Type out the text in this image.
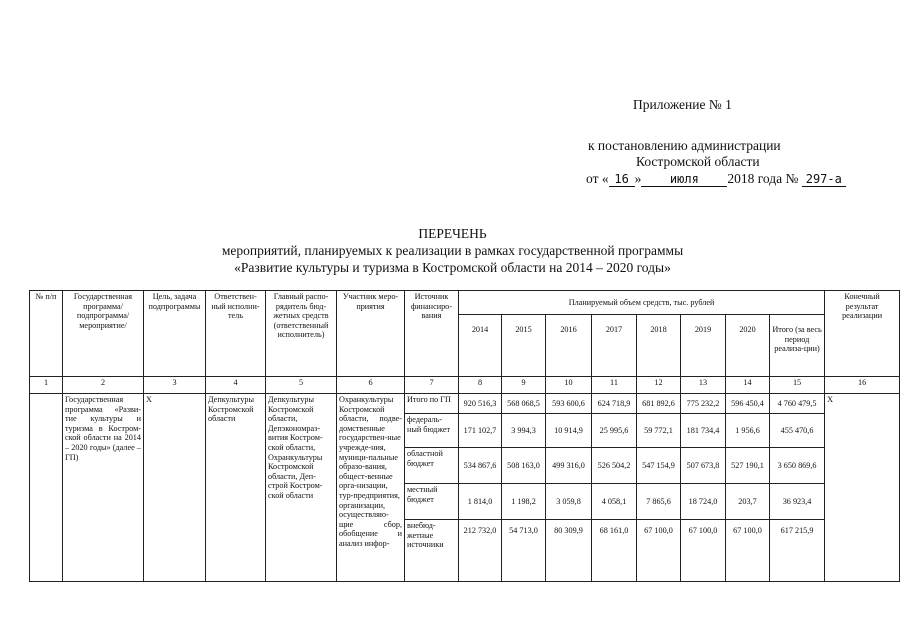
Приложение № 1
к постановлению администрации
Костромской области
от « 16 » июля 2018 года № 297-а
ПЕРЕЧЕНЬ
мероприятий, планируемых к реализации в рамках государственной программы
«Развитие культуры и туризма в Костромской области на 2014 – 2020 годы»
№ п/п	Государственная программа/ подпрограмма/ мероприятие/	Цель, задача подпрограммы	Ответствен-ный исполни-тель	Главный распо-рядитель бюд-жетных средств (ответственный исполнитель)	Участник меро-приятия	Источник финансиро-вания	Планируемый объем средств, тыс. рублей								Конечный результат реализации
							2014	2015	2016	2017	2018	2019	2020	Итого (за весь период реализа-ции)	
1	2	3	4	5	6	7	8	9	10	11	12	13	14	15	16
	Государственная программа «Разви-тие культуры и туризма в Костром-ской области на 2014 – 2020 годы» (далее – ГП)	X	Депкультуры Костромской области	Депкультуры Костромской области, Депэкономраз-вития Костром-ской области, Охранкультуры Костромской области, Деп-строй Костром-ской области	Охранкультуры Костромской области, подве-домственные государствен-ные учрежде-ния, муници-пальные образо-вания, общест-венные орга-низации, тур-предприятия, организации, осуществляю-щие сбор, обобщение и анализ инфор-	Итого по ГП	920 516,3	568 068,5	593 600,6	624 718,9	681 892,6	775 232,2	596 450,4	4 760 479,5	X
						федераль-ный бюджет	171 102,7	3 994,3	10 914,9	25 995,6	59 772,1	181 734,4	1 956,6	455 470,6	
						областной бюджет	534 867,6	508 163,0	499 316,0	526 504,2	547 154,9	507 673,8	527 190,1	3 650 869,6	
						местный бюджет	1 814,0	1 198,2	3 059,8	4 058,1	7 865,6	18 724,0	203,7	36 923,4	
						внебюд-жетные источники	212 732,0	54 713,0	80 309,9	68 161,0	67 100,0	67 100,0	67 100,0	617 215,9	
